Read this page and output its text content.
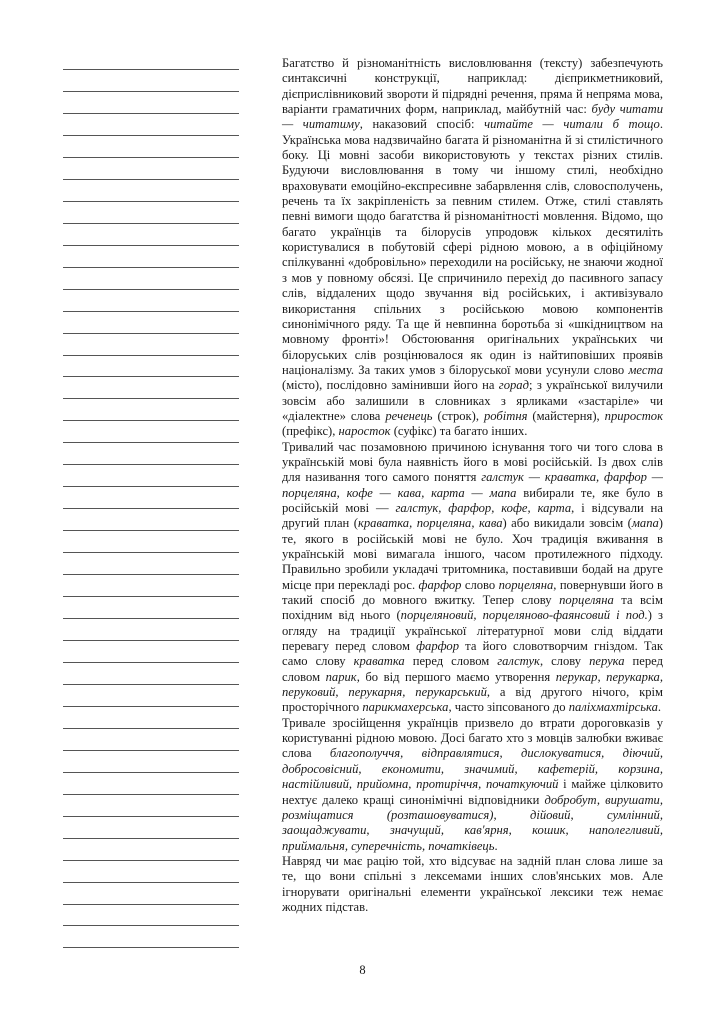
Багатство й різноманітність висловлювання (тексту) забезпечують синтаксичні конструкції, наприклад: дієприкметниковий, дієприслівниковий звороти й підрядні речення, пряма й непряма мова, варіанти граматичних форм, наприклад, майбутній час: буду читати — читатиму, наказовий спосіб: читайте — читали б тощо. Українська мова надзвичайно багата й різноманітна й зі стилістичного боку. Ці мовні засоби використовують у текстах різних стилів. Будуючи висловлювання в тому чи іншому стилі, необхідно враховувати емоційно-експресивне забарвлення слів, словосполучень, речень та їх закріпленість за певним стилем. Отже, стилі ставлять певні вимоги щодо багатства й різноманітності мовлення. Відомо, що багато українців та білорусів упродовж кількох десятиліть користувалися в побутовій сфері рідною мовою, а в офіційному спілкуванні «добровільно» переходили на російську, не знаючи жодної з мов у повному обсязі. Це спричинило перехід до пасивного запасу слів, віддалених щодо звучання від російських, і активізувало використання спільних з російською мовою компонентів синонімічного ряду. Та ще й невпинна боротьба зі «шкідництвом на мовному фронті»! Обстоювання оригінальних українських чи білоруських слів розцінювалося як один із найтиповіших проявів націоналізму. За таких умов з білоруської мови усунули слово места (місто), послідовно замінивши його на горад; з української вилучили зовсім або залишили в словниках з ярликами «застаріле» чи «діалектне» слова реченець (строк), робітня (майстерня), приросток (префікс), наросток (суфікс) та багато інших.

Тривалий час позамовною причиною існування того чи того слова в українській мові була наявність його в мові російській. Із двох слів для називання того самого поняття галстук — краватка, фарфор — порцеляна, кофе — кава, карта — мапа вибирали те, яке було в російській мові — галстук, фарфор, кофе, карта, і відсували на другий план (краватка, порцеляна, кава) або викидали зовсім (мапа) те, якого в російській мові не було. Хоч традиція вживання в українській мові вимагала іншого, часом протилежного підходу. Правильно зробили укладачі тритомника, поставивши бодай на друге місце при перекладі рос. фарфор слово порцеляна, повернувши його в такий спосіб до мовного вжитку. Тепер слову порцеляна та всім похідним від нього (порцеляновий, порцеляново-фаянсовий і под.) з огляду на традиції української літературної мови слід віддати перевагу перед словом фарфор та його словотворчим гніздом. Так само слову краватка перед словом галстук, слову перука перед словом парик, бо від першого маємо утворення перукар, перукарка, перуковий, перукарня, перукарський, а від другого нічого, крім просторічного парикмахерська, часто зіпсованого до паліхмахтірська.

Тривале зросійщення українців призвело до втрати дороговказів у користуванні рідною мовою. Досі багато хто з мовців залюбки вживає слова благополуччя, відправлятися, дислокуватися, діючий, добросовісний, економити, значимий, кафетерій, корзина, настійливий, прийомна, протиріччя, початкуючий і майже цілковито нехтує далеко кращі синонімічні відповідники добробут, вирушати, розміщатися (розташовуватися), дійовий, сумлінний, заощаджувати, значущий, кав'ярня, кошик, наполегливий, приймальня, суперечність, початківець.

Навряд чи має рацію той, хто відсуває на задній план слова лише за те, що вони спільні з лексемами інших слов'янських мов. Але ігнорувати оригінальні елементи української лексики теж немає жодних підстав.

8
